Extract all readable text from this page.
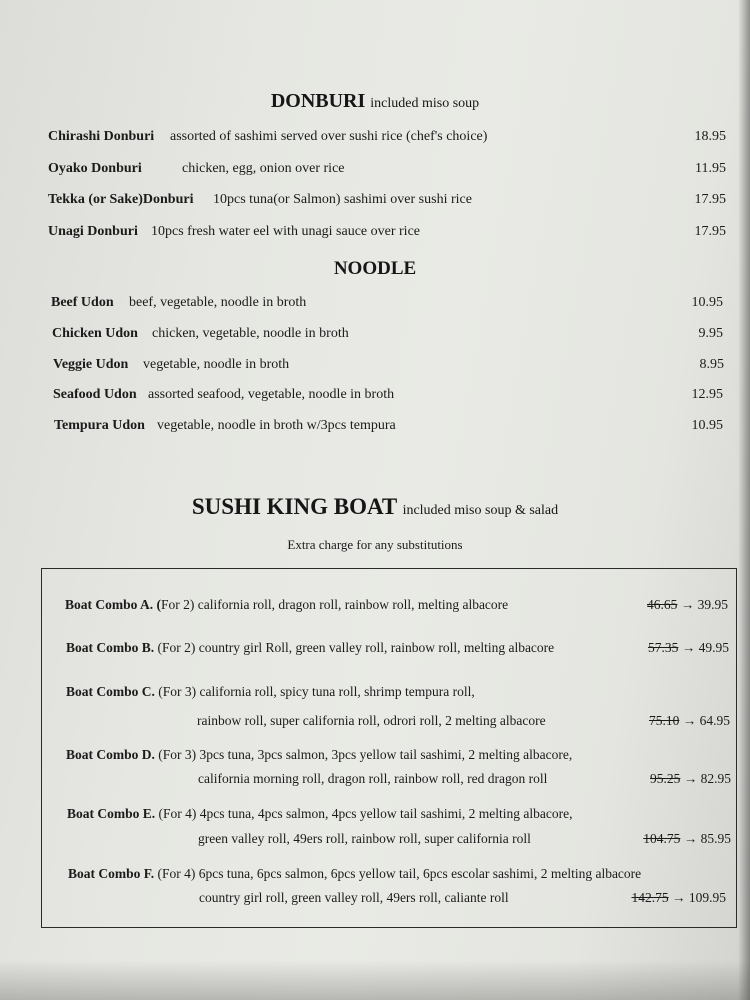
DONBURI included miso soup
Chirashi Donburi assorted of sashimi served over sushi rice (chef's choice)	18.95
Oyako Donburi	chicken, egg, onion over rice	11.95
Tekka (or Sake)Donburi 10pcs tuna(or Salmon) sashimi over sushi rice	17.95
Unagi Donburi 10pcs fresh water eel with unagi sauce over rice	17.95
NOODLE
Beef Udon beef, vegetable, noodle in broth	10.95
Chicken Udon chicken, vegetable, noodle in broth	9.95
Veggie Udon vegetable, noodle in broth	8.95
Seafood Udon assorted seafood, vegetable, noodle in broth	12.95
Tempura Udon vegetable, noodle in broth w/3pcs tempura	10.95
SUSHI KING BOAT included miso soup & salad
Extra charge for any substitutions
Boat Combo A. (For 2) california roll, dragon roll, rainbow roll, melting albacore	46.65 → 39.95
Boat Combo B. (For 2) country girl Roll, green valley roll, rainbow roll, melting albacore	57.35 → 49.95
Boat Combo C. (For 3) california roll, spicy tuna roll, shrimp tempura roll,
rainbow roll, super california roll, odrori roll, 2 melting albacore	75.10 → 64.95
Boat Combo D. (For 3) 3pcs tuna, 3pcs salmon, 3pcs yellow tail sashimi, 2 melting albacore,
california morning roll, dragon roll, rainbow roll, red dragon roll	95.25 → 82.95
Boat Combo E. (For 4) 4pcs tuna, 4pcs salmon, 4pcs yellow tail sashimi, 2 melting albacore,
green valley roll, 49ers roll, rainbow roll, super california roll	104.75 → 85.95
Boat Combo F. (For 4) 6pcs tuna, 6pcs salmon, 6pcs yellow tail, 6pcs escolar sashimi, 2 melting albacore
country girl roll, green valley roll, 49ers roll, caliante roll	142.75 → 109.95
